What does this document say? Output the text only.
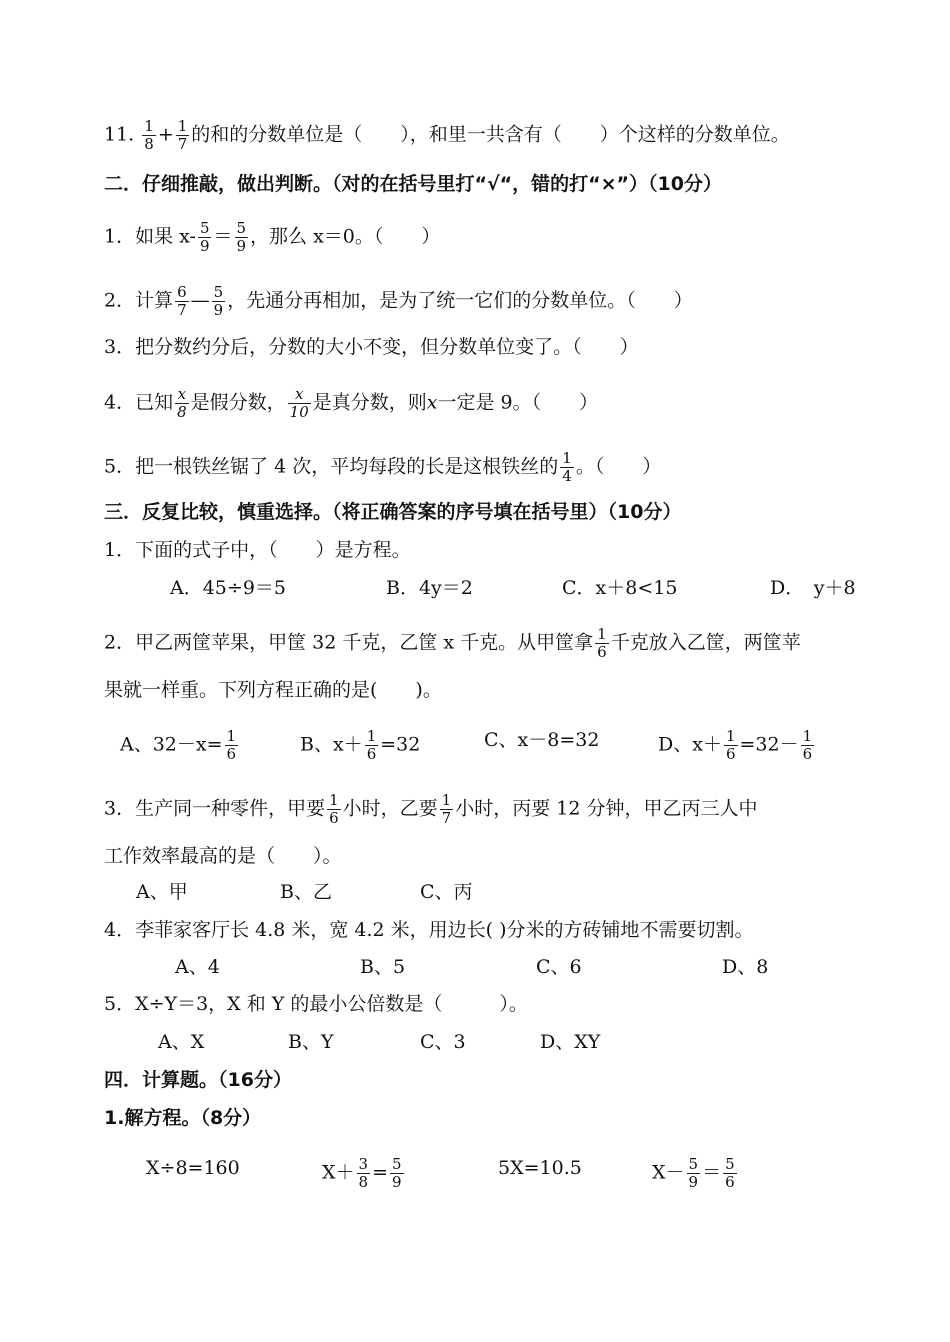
11. $\frac{1}{8} + \frac{1}{7}$ 的和的分数单位是（　　），和里一共含有（　　）个这样的分数单位。
二．仔细推敲，做出判断。（对的在括号里打“√“，错的打“×”）（10分）
1．如果 $x- \frac{5}{9} = \frac{5}{9}$ ，那么 x＝0。（　　）
2．计算 $\frac{6}{7}$ — $\frac{5}{9}$ ，先通分再相加，是为了统一它们的分数单位。（　　）
3．把分数约分后，分数的大小不变，但分数单位变了。（　　）
4．已知 $\frac{x}{8}$ 是假分数， $\frac{x}{10}$ 是真分数，则x一定是 9。（　　）
5．把一根铁丝锯了 4 次，平均每段的长是这根铁丝的 $\frac{1}{4}$ 。（　　）
三．反复比较，慎重选择。（将正确答案的序号填在括号里）（10分）
1．下面的式子中，（　　）是方程。
A．45÷9＝5	B．4y＝2	C．x＋8<15	D．　y＋8
2．甲乙两筐苹果，甲筐 32 千克，乙筐 x 千克。从甲筐拿 $\frac{1}{6}$ 千克放入乙筐，两筐苹
果就一样重。下列方程正确的是(　　)。
A、$32-x= \frac{1}{6}$	B、$x+ \frac{1}{6} =32$	C、x－8=32	D、$x+ \frac{1}{6} =32- \frac{1}{6}$
3．生产同一种零件，甲要 $\frac{1}{6}$ 小时，乙要 $\frac{1}{7}$ 小时，丙要 12 分钟，甲乙丙三人中
工作效率最高的是（　　）。
A、甲	B、乙	C、丙
4．李菲家客厅长 4.8 米，宽 4.2 米，用边长( )分米的方砖铺地不需要切割。
A、4	B、5	C、6	D、8
5．X÷Y＝3，X 和 Y 的最小公倍数是（　　　）。
A、X	B、Y	C、3	D、XY
四．计算题。（16分）
1.解方程。（8分）
X÷8=160	$X+ \frac{3}{8} = \frac{5}{9}$	5X=10.5	$X- \frac{5}{9} = \frac{5}{6}$
